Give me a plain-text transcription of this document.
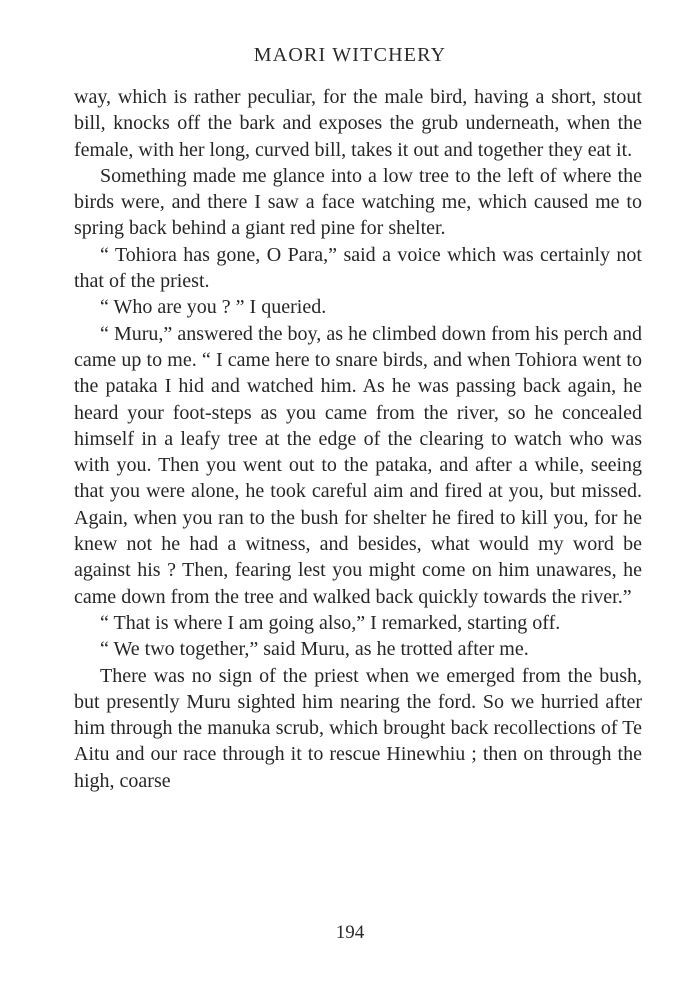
MAORI WITCHERY

way, which is rather peculiar, for the male bird, having a short, stout bill, knocks off the bark and exposes the grub underneath, when the female, with her long, curved bill, takes it out and together they eat it.

Something made me glance into a low tree to the left of where the birds were, and there I saw a face watching me, which caused me to spring back behind a giant red pine for shelter.

“ Tohiora has gone, O Para,” said a voice which was certainly not that of the priest.

“ Who are you ? ” I queried.

“ Muru,” answered the boy, as he climbed down from his perch and came up to me. “ I came here to snare birds, and when Tohiora went to the pataka I hid and watched him. As he was passing back again, he heard your foot-steps as you came from the river, so he concealed himself in a leafy tree at the edge of the clearing to watch who was with you. Then you went out to the pataka, and after a while, seeing that you were alone, he took careful aim and fired at you, but missed. Again, when you ran to the bush for shelter he fired to kill you, for he knew not he had a witness, and besides, what would my word be against his ? Then, fearing lest you might come on him unawares, he came down from the tree and walked back quickly towards the river.”

“ That is where I am going also,” I remarked, starting off.

“ We two together,” said Muru, as he trotted after me.

There was no sign of the priest when we emerged from the bush, but presently Muru sighted him nearing the ford. So we hurried after him through the manuka scrub, which brought back recollections of Te Aitu and our race through it to rescue Hinewhiu ; then on through the high, coarse

194
